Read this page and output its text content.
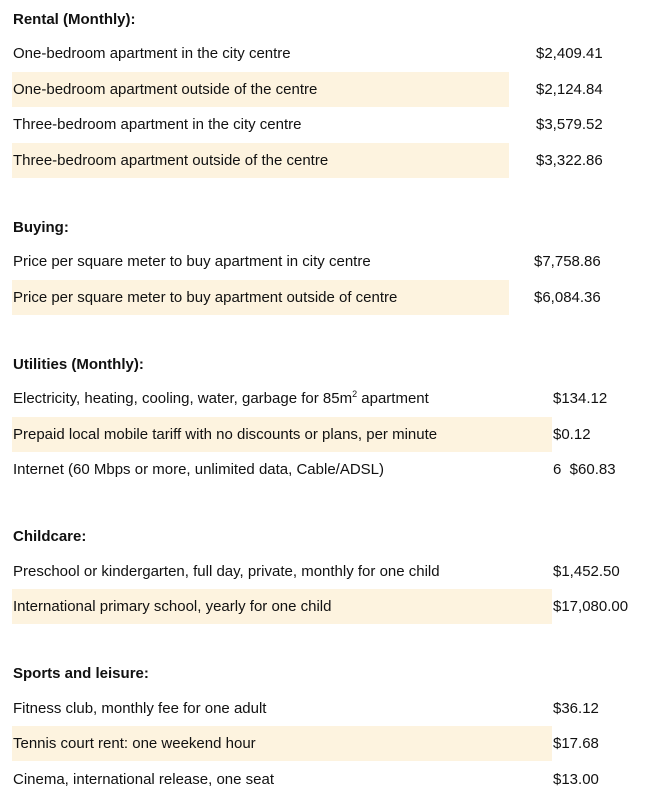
Rental (Monthly):
One-bedroom apartment in the city centre	$2,409.41
One-bedroom apartment outside of the centre	$2,124.84
Three-bedroom apartment in the city centre	$3,579.52
Three-bedroom apartment outside of the centre	$3,322.86
Buying:
Price per square meter to buy apartment in city centre	$7,758.86
Price per square meter to buy apartment outside of centre	$6,084.36
Utilities (Monthly):
Electricity, heating, cooling, water, garbage for $85m^2$ apartment	$134.12
Prepaid local mobile tariff with no discounts or plans, per minute	$0.12
Internet (60 Mbps or more, unlimited data, Cable/ADSL)	6  $60.83
Childcare:
Preschool or kindergarten, full day, private, monthly for one child	$1,452.50
International primary school, yearly for one child	$17,080.00
Sports and leisure:
Fitness club, monthly fee for one adult	$36.12
Tennis court rent: one weekend hour	$17.68
Cinema, international release, one seat	$13.00
